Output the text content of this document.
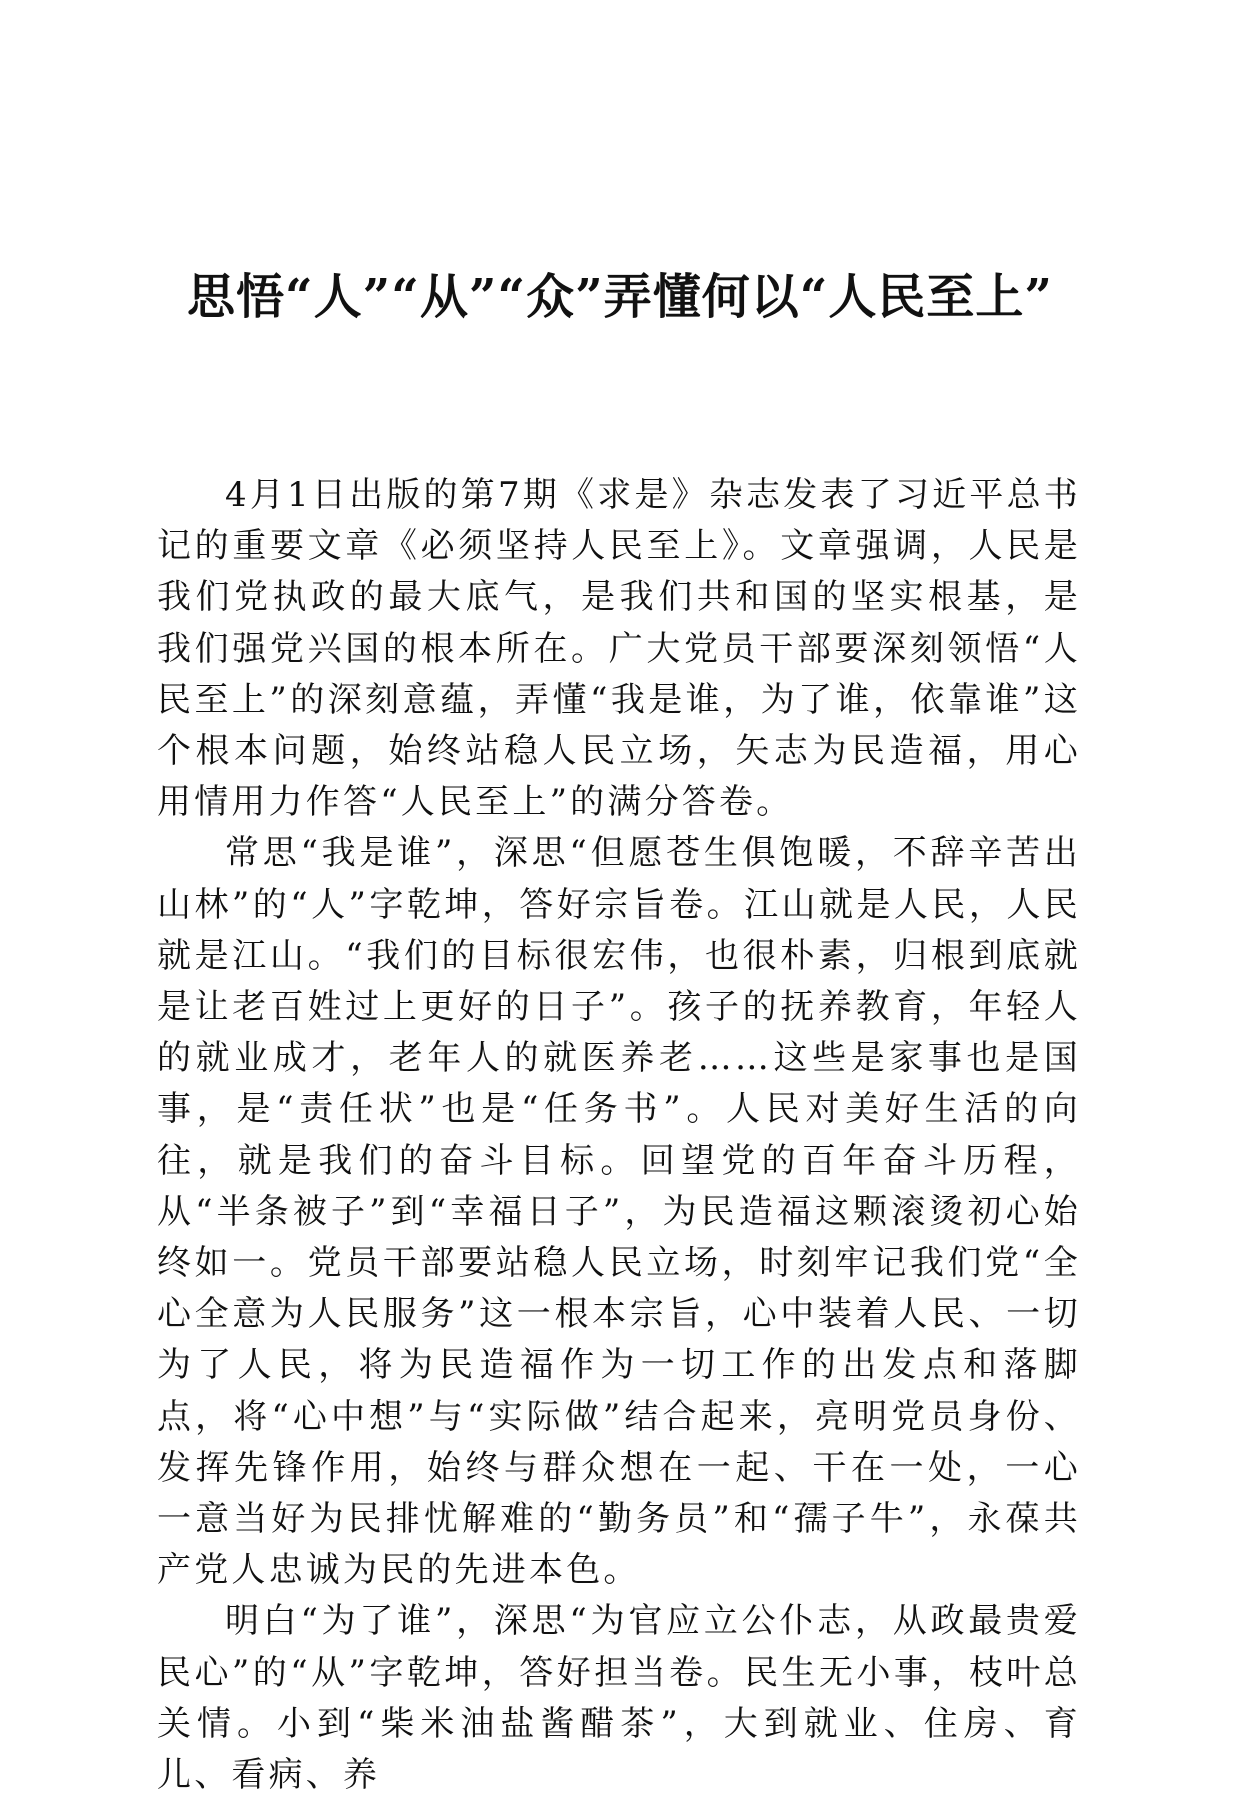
思悟“人”“从”“众”弄懂何以“人民至上”

4月1日出版的第7期《求是》杂志发表了习近平总书记的重要文章《必须坚持人民至上》。文章强调，人民是我们党执政的最大底气，是我们共和国的坚实根基，是我们强党兴国的根本所在。广大党员干部要深刻领悟“人民至上”的深刻意蕴，弄懂“我是谁，为了谁，依靠谁”这个根本问题，始终站稳人民立场，矢志为民造福，用心用情用力作答“人民至上”的满分答卷。

常思“我是谁”，深思“但愿苍生俱饱暖，不辞辛苦出山林”的“人”字乾坤，答好宗旨卷。江山就是人民，人民就是江山。“我们的目标很宏伟，也很朴素，归根到底就是让老百姓过上更好的日子”。孩子的抚养教育，年轻人的就业成才，老年人的就医养老……这些是家事也是国事，是“责任状”也是“任务书”。人民对美好生活的向往，就是我们的奋斗目标。回望党的百年奋斗历程，从“半条被子”到“幸福日子”，为民造福这颗滚烫初心始终如一。党员干部要站稳人民立场，时刻牢记我们党“全心全意为人民服务”这一根本宗旨，心中装着人民、一切为了人民，将为民造福作为一切工作的出发点和落脚点，将“心中想”与“实际做”结合起来，亮明党员身份、发挥先锋作用，始终与群众想在一起、干在一处，一心一意当好为民排忧解难的“勤务员”和“孺子牛”，永葆共产党人忠诚为民的先进本色。

明白“为了谁”，深思“为官应立公仆志，从政最贵爱民心”的“从”字乾坤，答好担当卷。民生无小事，枝叶总关情。小到“柴米油盐酱醋茶”，大到就业、住房、育儿、看病、养
